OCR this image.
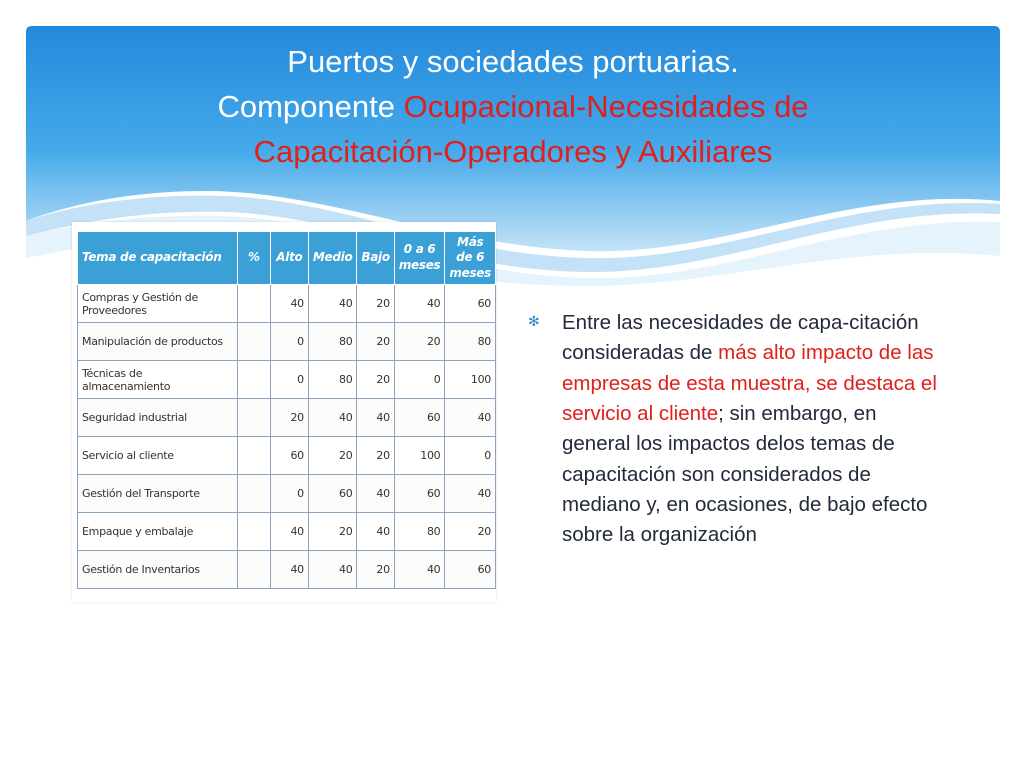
Puertos y sociedades portuarias.
Componente Ocupacional-Necesidades de
Capacitación-Operadores y Auxiliares
Tema de capacitación	%	Alto	Medio	Bajo	0 a 6 meses	Más de 6 meses
Compras y Gestión de Proveedores		40	40	20	40	60
Manipulación de productos		0	80	20	20	80
Técnicas de almacenamiento		0	80	20	0	100
Seguridad industrial		20	40	40	60	40
Servicio al cliente		60	20	20	100	0
Gestión del Transporte		0	60	40	60	40
Empaque y embalaje		40	20	40	80	20
Gestión de Inventarios		40	40	20	40	60
✻ Entre las necesidades de capa-citación consideradas de más alto impacto de las empresas de esta muestra, se destaca el servicio al cliente; sin embargo, en general los impactos delos temas de capacitación son considerados de mediano y, en ocasiones, de bajo efecto sobre la organización
